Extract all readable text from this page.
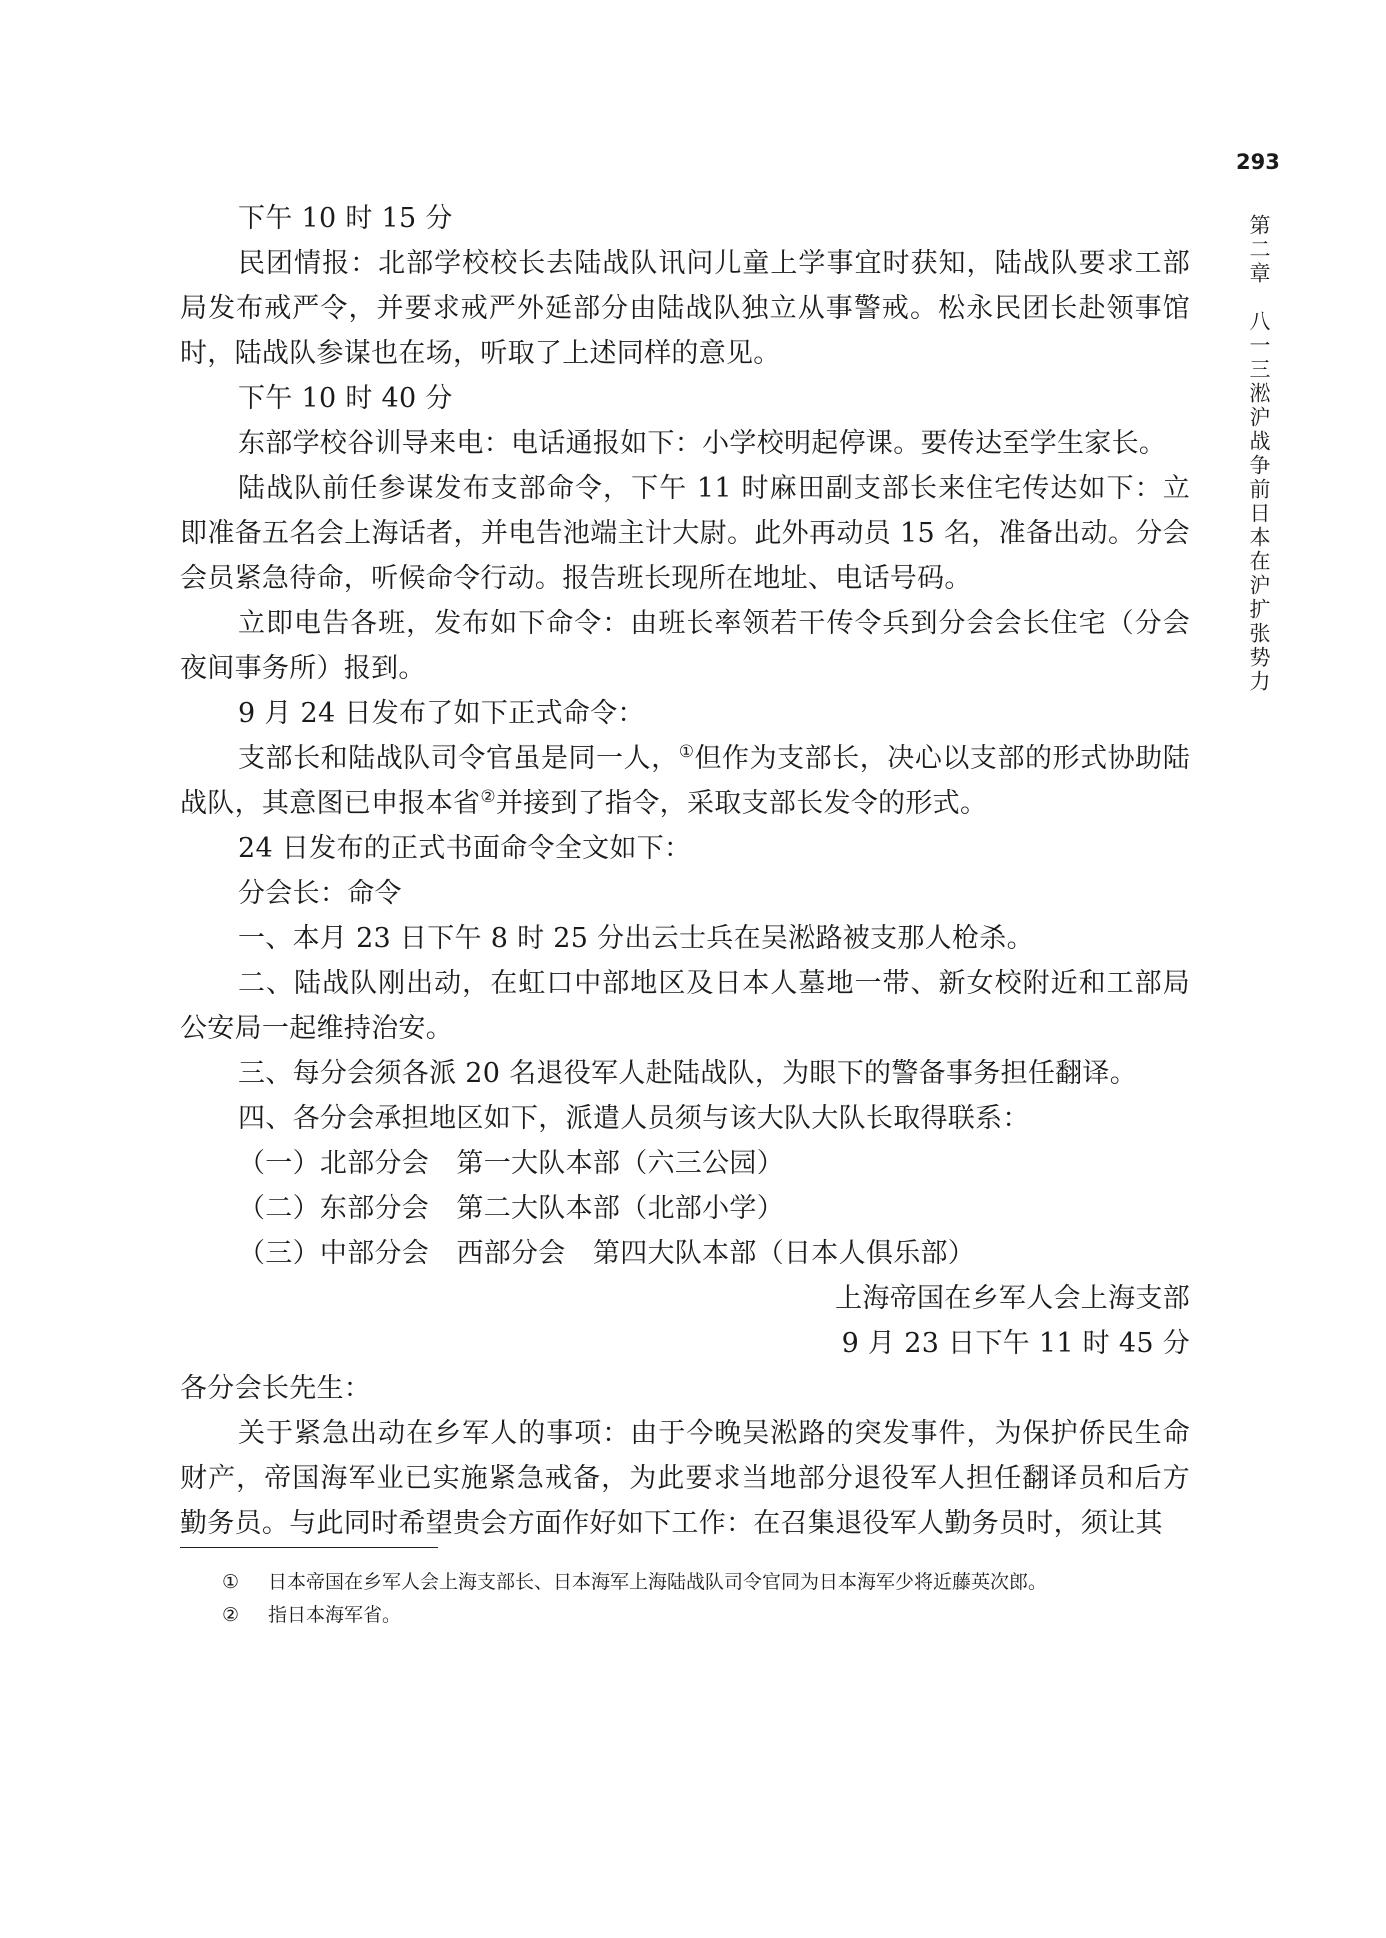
293
第二章　八一三淞沪战争前日本在沪扩张势力

下午 10 时 15 分

民团情报：北部学校校长去陆战队讯问儿童上学事宜时获知，陆战队要求工部局发布戒严令，并要求戒严外延部分由陆战队独立从事警戒。松永民团长赴领事馆时，陆战队参谋也在场，听取了上述同样的意见。

下午 10 时 40 分

东部学校谷训导来电：电话通报如下：小学校明起停课。要传达至学生家长。

陆战队前任参谋发布支部命令，下午 11 时麻田副支部长来住宅传达如下：立即准备五名会上海话者，并电告池端主计大尉。此外再动员 15 名，准备出动。分会会员紧急待命，听候命令行动。报告班长现所在地址、电话号码。

立即电告各班，发布如下命令：由班长率领若干传令兵到分会会长住宅（分会夜间事务所）报到。

9 月 24 日发布了如下正式命令：

支部长和陆战队司令官虽是同一人，①但作为支部长，决心以支部的形式协助陆战队，其意图已申报本省②并接到了指令，采取支部长发令的形式。

24 日发布的正式书面命令全文如下：

分会长：命令

一、本月 23 日下午 8 时 25 分出云士兵在吴淞路被支那人枪杀。

二、陆战队刚出动，在虹口中部地区及日本人墓地一带、新女校附近和工部局公安局一起维持治安。

三、每分会须各派 20 名退役军人赴陆战队，为眼下的警备事务担任翻译。

四、各分会承担地区如下，派遣人员须与该大队大队长取得联系：

（一）北部分会　第一大队本部（六三公园）

（二）东部分会　第二大队本部（北部小学）

（三）中部分会　西部分会　第四大队本部（日本人俱乐部）

上海帝国在乡军人会上海支部

9 月 23 日下午 11 时 45 分

各分会长先生：

关于紧急出动在乡军人的事项：由于今晚吴淞路的突发事件，为保护侨民生命财产，帝国海军业已实施紧急戒备，为此要求当地部分退役军人担任翻译员和后方勤务员。与此同时希望贵会方面作好如下工作：在召集退役军人勤务员时，须让其

① 日本帝国在乡军人会上海支部长、日本海军上海陆战队司令官同为日本海军少将近藤英次郎。
② 指日本海军省。
